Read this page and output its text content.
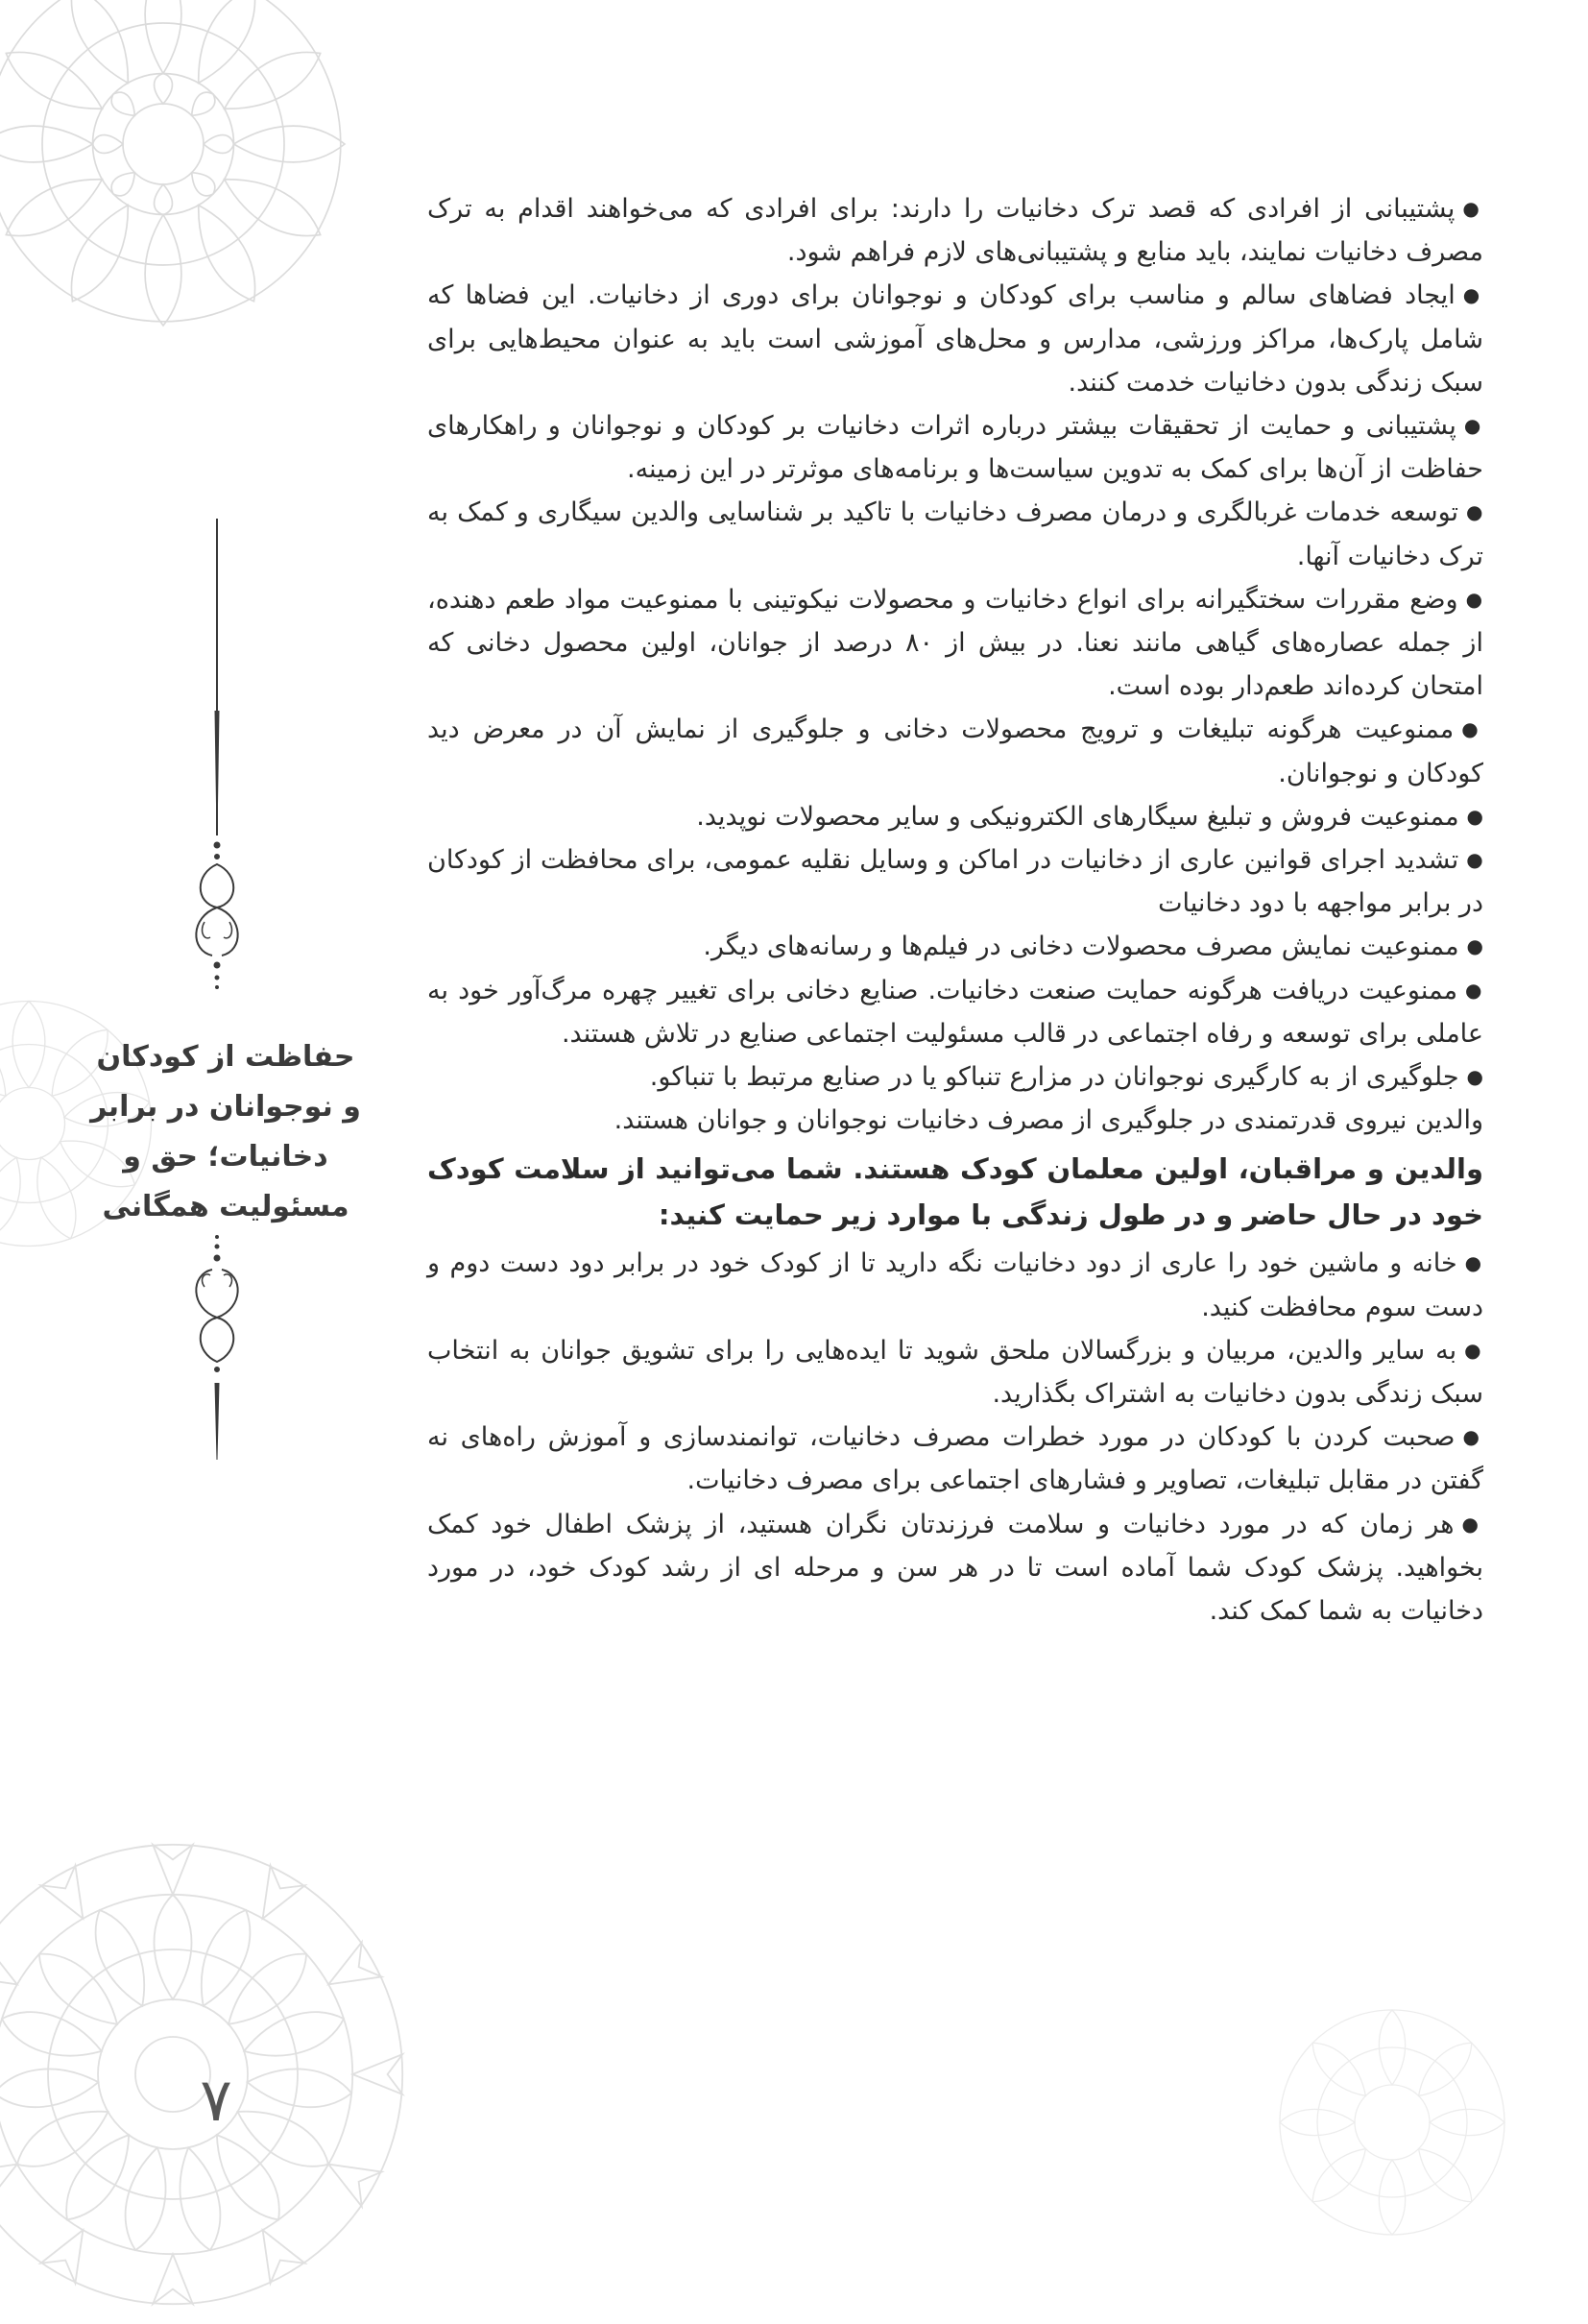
حفاظت از کودکان
و نوجوانان در برابر
دخانیات؛ حق و
مسئولیت همگانی
۷

● پشتیبانی از افرادی که قصد ترک دخانیات را دارند: برای افرادی که می‌خواهند اقدام به ترک مصرف دخانیات نمایند، باید منابع و پشتیبانی‌های لازم فراهم شود.

● ایجاد فضاهای سالم و مناسب برای کودکان و نوجوانان برای دوری از دخانیات. این فضاها که شامل پارک‌ها، مراکز ورزشی، مدارس و محل‌های آموزشی است باید به عنوان محیط‌هایی برای سبک زندگی بدون دخانیات خدمت کنند.

● پشتیبانی و حمایت از تحقیقات بیشتر درباره اثرات دخانیات بر کودکان و نوجوانان و راهکارهای حفاظت از آن‌ها برای کمک به تدوین سیاست‌ها و برنامه‌های موثرتر در این زمینه.

● توسعه خدمات غربالگری و درمان مصرف دخانیات با تاکید بر شناسایی والدین سیگاری و کمک به ترک دخانیات آنها.

● وضع مقررات سختگیرانه برای انواع دخانیات و محصولات نیکوتینی با ممنوعیت مواد طعم دهنده، از جمله عصاره‌های گیاهی مانند نعنا. در بیش از ۸۰ درصد از جوانان، اولین محصول دخانی که امتحان کرده‌اند طعم‌دار بوده است.

● ممنوعیت هرگونه تبلیغات و ترویج محصولات دخانی و جلوگیری از نمایش آن در معرض دید کودکان و نوجوانان.

● ممنوعیت فروش و تبلیغ سیگارهای الکترونیکی و سایر محصولات نوپدید.

● تشدید اجرای قوانین عاری از دخانیات در اماکن و وسایل نقلیه عمومی، برای محافظت از کودکان در برابر مواجهه با دود دخانیات

● ممنوعیت نمایش مصرف محصولات دخانی در فیلم‌ها و رسانه‌های دیگر.

● ممنوعیت دریافت هرگونه حمایت صنعت دخانیات. صنایع دخانی برای تغییر چهره مرگ‌آور خود به عاملی برای توسعه و رفاه اجتماعی در قالب مسئولیت اجتماعی صنایع در تلاش هستند.

● جلوگیری از به کارگیری نوجوانان در مزارع تنباکو یا در صنایع مرتبط با تنباکو.

والدین نیروی قدرتمندی در جلوگیری از مصرف دخانیات نوجوانان و جوانان هستند.

والدین و مراقبان، اولین معلمان کودک هستند. شما می‌توانید از سلامت کودک خود در حال حاضر و در طول زندگی با موارد زیر حمایت کنید:

● خانه و ماشین خود را عاری از دود دخانیات نگه دارید تا از کودک خود در برابر دود دست دوم و دست سوم محافظت کنید.

● به سایر والدین، مربیان و بزرگسالان ملحق شوید تا ایده‌هایی را برای تشویق جوانان به انتخاب سبک زندگی بدون دخانیات به اشتراک بگذارید.

● صحبت کردن با کودکان در مورد خطرات مصرف دخانیات، توانمندسازی و آموزش راه‌های نه گفتن در مقابل تبلیغات، تصاویر و فشارهای اجتماعی برای مصرف دخانیات.

● هر زمان که در مورد دخانیات و سلامت فرزندتان نگران هستید، از پزشک اطفال خود کمک بخواهید. پزشک کودک شما آماده است تا در هر سن و مرحله ای از رشد کودک خود، در مورد دخانیات به شما کمک کند.
